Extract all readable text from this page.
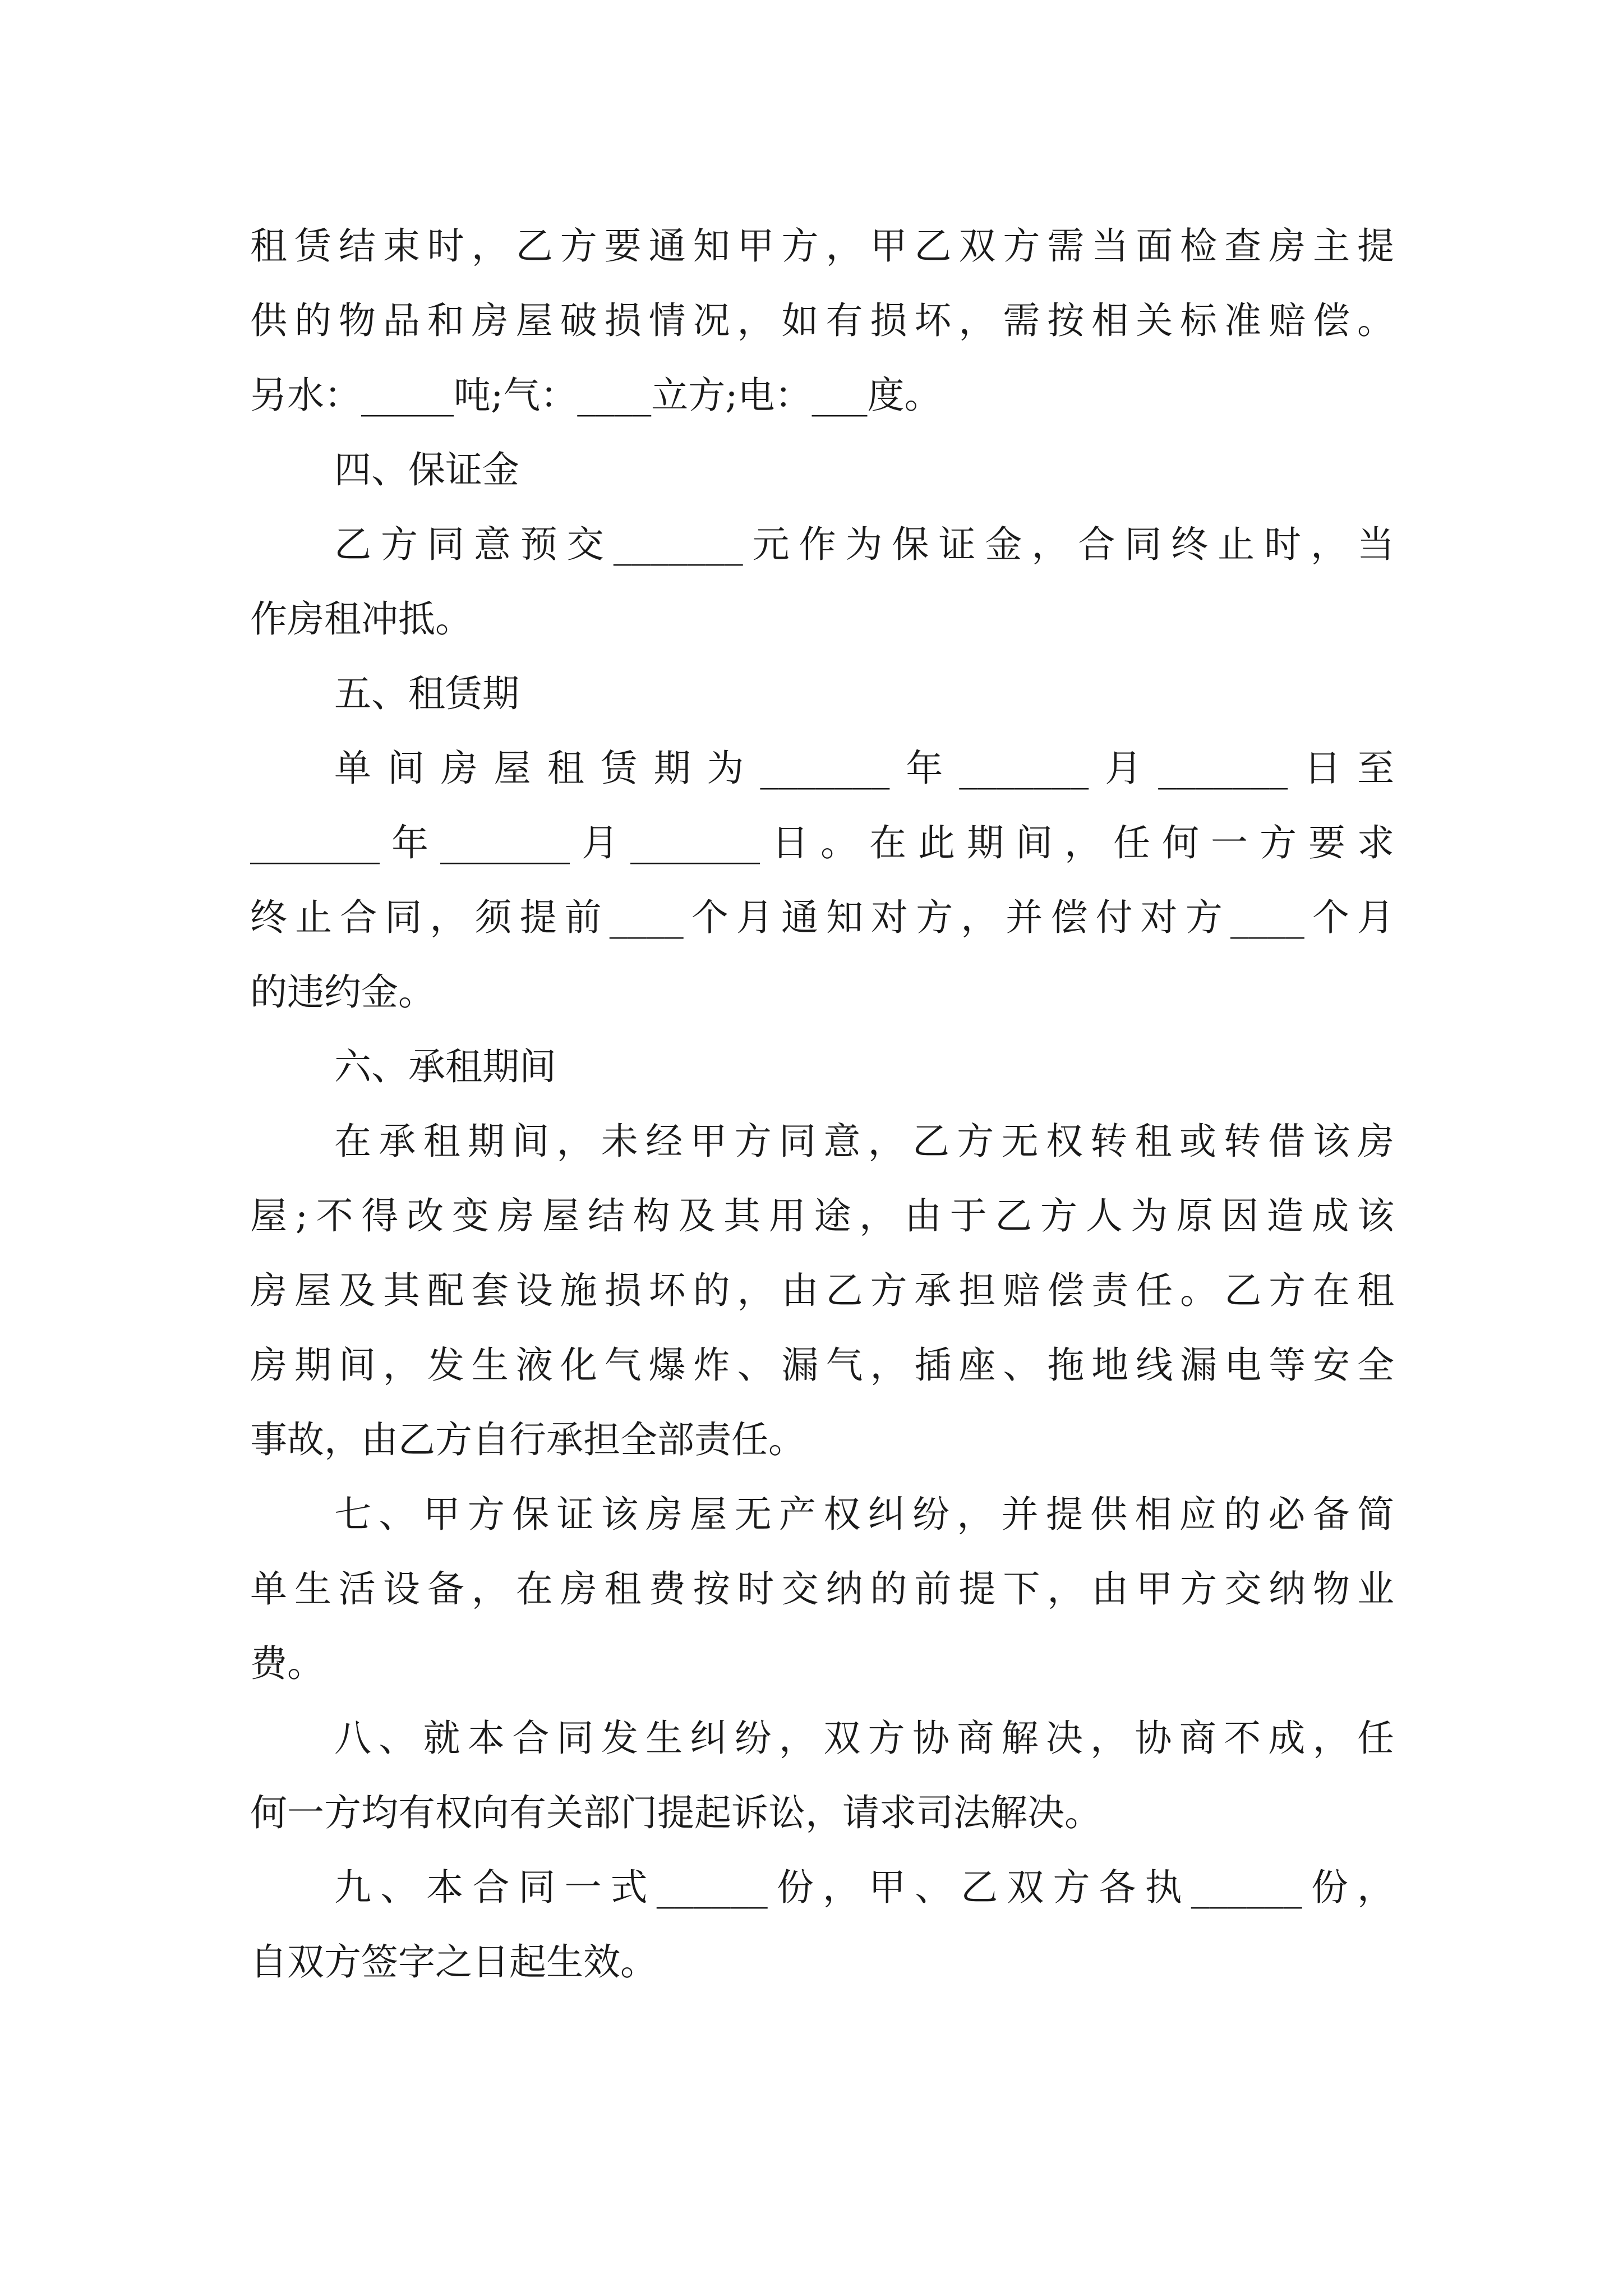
租赁结束时，乙方要通知甲方，甲乙双方需当面检查房主提
供的物品和房屋破损情况，如有损坏，需按相关标准赔偿。
另水：_____吨;气：____立方;电：___度。
四、保证金
乙方同意预交_______元作为保证金，合同终止时，当
作房租冲抵。
五、租赁期
单间房屋租赁期为_______年_______月_______日至
_______年_______月_______日。在此期间，任何一方要求
终止合同，须提前____个月通知对方，并偿付对方____个月
的违约金。
六、承租期间
在承租期间，未经甲方同意，乙方无权转租或转借该房
屋;不得改变房屋结构及其用途，由于乙方人为原因造成该
房屋及其配套设施损坏的，由乙方承担赔偿责任。乙方在租
房期间，发生液化气爆炸、漏气，插座、拖地线漏电等安全
事故，由乙方自行承担全部责任。
七、甲方保证该房屋无产权纠纷，并提供相应的必备简
单生活设备，在房租费按时交纳的前提下，由甲方交纳物业
费。
八、就本合同发生纠纷，双方协商解决，协商不成，任
何一方均有权向有关部门提起诉讼，请求司法解决。
九、本合同一式______份，甲、乙双方各执______份，
自双方签字之日起生效。
